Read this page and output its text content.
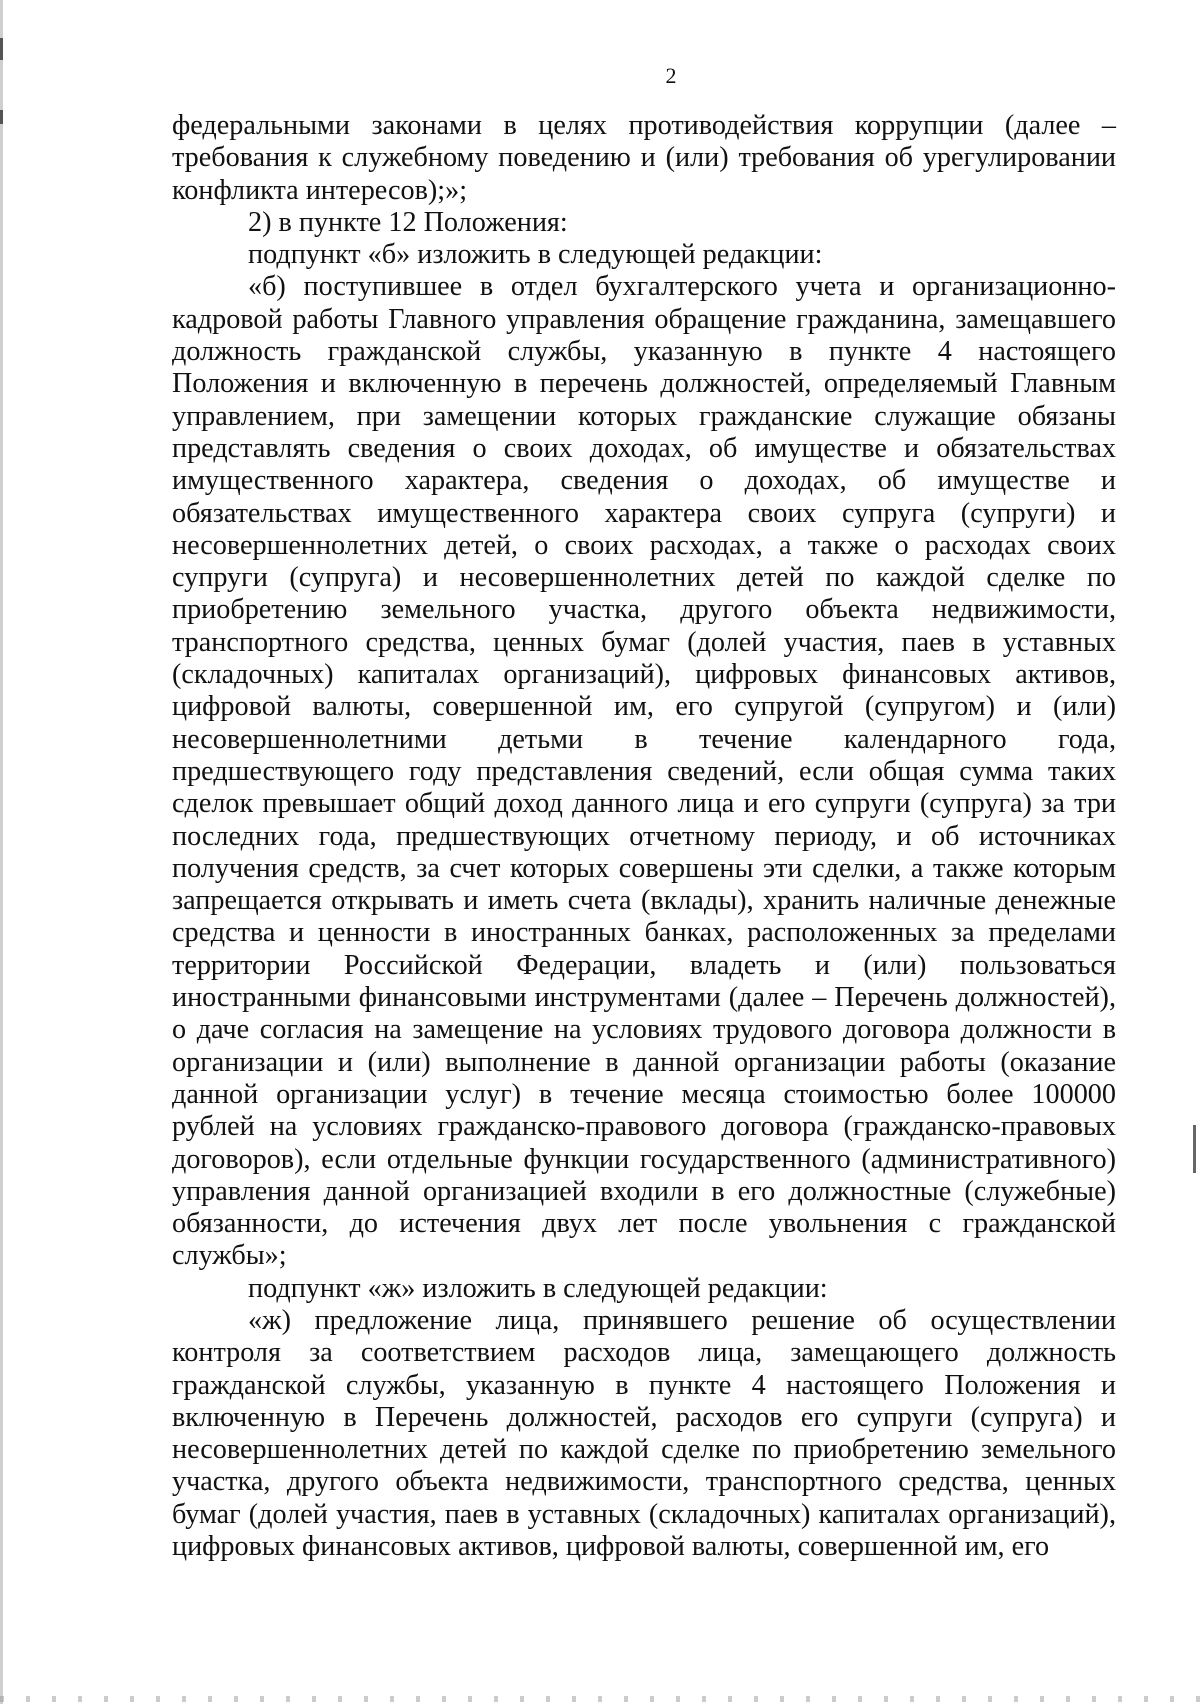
2

федеральными законами в целях противодействия коррупции (далее – требования к служебному поведению и (или) требования об урегулировании конфликта интересов);»;

2) в пункте 12 Положения:

подпункт «б» изложить в следующей редакции:

«б) поступившее в отдел бухгалтерского учета и организационно-кадровой работы Главного управления обращение гражданина, замещавшего должность гражданской службы, указанную в пункте 4 настоящего Положения и включенную в перечень должностей, определяемый Главным управлением, при замещении которых гражданские служащие обязаны представлять сведения о своих доходах, об имуществе и обязательствах имущественного характера, сведения о доходах, об имуществе и обязательствах имущественного характера своих супруга (супруги) и несовершеннолетних детей, о своих расходах, а также о расходах своих супруги (супруга) и несовершеннолетних детей по каждой сделке по приобретению земельного участка, другого объекта недвижимости, транспортного средства, ценных бумаг (долей участия, паев в уставных (складочных) капиталах организаций), цифровых финансовых активов, цифровой валюты, совершенной им, его супругой (супругом) и (или) несовершеннолетними детьми в течение календарного года, предшествующего году представления сведений, если общая сумма таких сделок превышает общий доход данного лица и его супруги (супруга) за три последних года, предшествующих отчетному периоду, и об источниках получения средств, за счет которых совершены эти сделки, а также которым запрещается открывать и иметь счета (вклады), хранить наличные денежные средства и ценности в иностранных банках, расположенных за пределами территории Российской Федерации, владеть и (или) пользоваться иностранными финансовыми инструментами (далее – Перечень должностей), о даче согласия на замещение на условиях трудового договора должности в организации и (или) выполнение в данной организации работы (оказание данной организации услуг) в течение месяца стоимостью более 100000 рублей на условиях гражданско-правового договора (гражданско-правовых договоров), если отдельные функции государственного (административного) управления данной организацией входили в его должностные (служебные) обязанности, до истечения двух лет после увольнения с гражданской службы»;

подпункт «ж» изложить в следующей редакции:

«ж) предложение лица, принявшего решение об осуществлении контроля за соответствием расходов лица, замещающего должность гражданской службы, указанную в пункте 4 настоящего Положения и включенную в Перечень должностей, расходов его супруги (супруга) и несовершеннолетних детей по каждой сделке по приобретению земельного участка, другого объекта недвижимости, транспортного средства, ценных бумаг (долей участия, паев в уставных (складочных) капиталах организаций), цифровых финансовых активов, цифровой валюты, совершенной им, его
